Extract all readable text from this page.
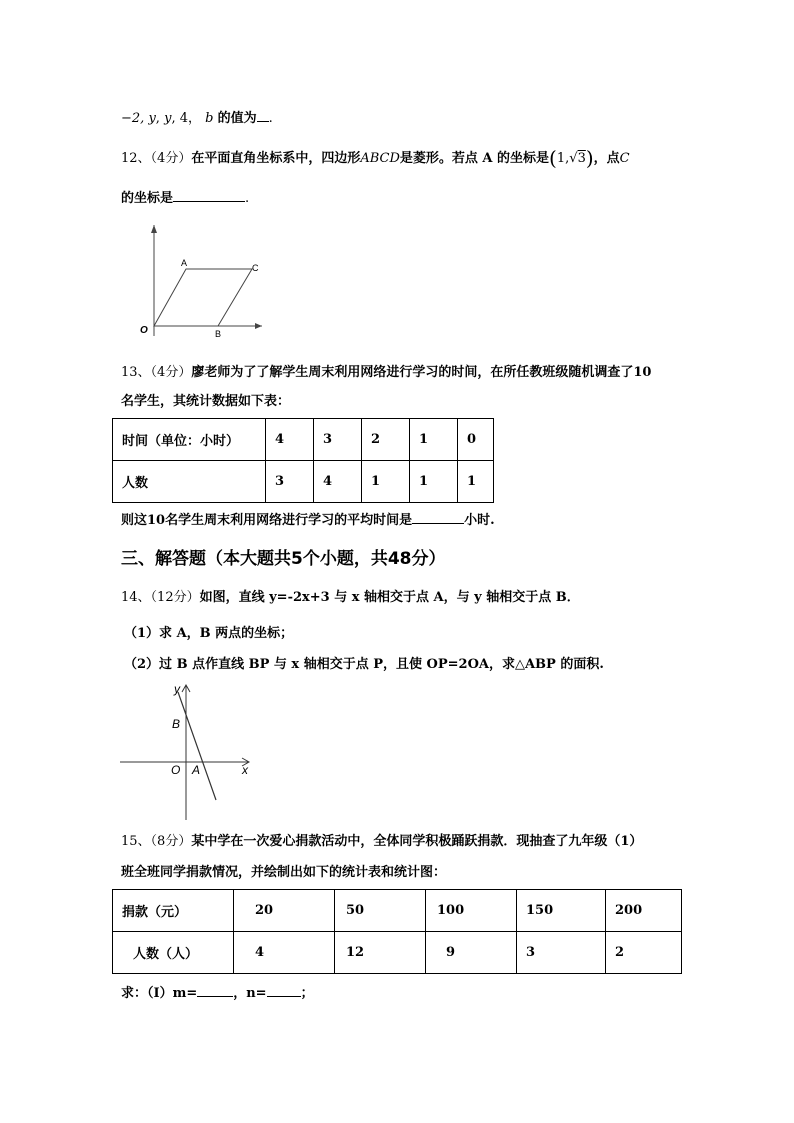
−2, y, y, 4， b 的值为 .
12、（4分）在平面直角坐标系中，四边形ABCD是菱形。若点 A 的坐标是(1,√3)，点C
的坐标是	.
A
B
C
O
13、（4分）廖老师为了了解学生周末利用网络进行学习的时间，在所任教班级随机调查了10
名学生，其统计数据如下表：
时间（单位：小时）	4	3	2	1	0
人数	3	4	1	1	1
则这10名学生周末利用网络进行学习的平均时间是	小时.
三、解答题（本大题共5个小题，共48分）
14、（12分）如图，直线 y=-2x+3 与 x 轴相交于点 A，与 y 轴相交于点 B．
（1）求 A，B 两点的坐标；
（2）过 B 点作直线 BP 与 x 轴相交于点 P，且使 OP=2OA，求△ABP 的面积.
y
B
O A	x
15、（8分）某中学在一次爱心捐款活动中，全体同学积极踊跃捐款．现抽查了九年级（1）
班全班同学捐款情况，并绘制出如下的统计表和统计图：
捐款（元）	20	50	100	150	200
人数（人）	4	12	9	3	2
求：（Ⅰ）m=	，n=	；
